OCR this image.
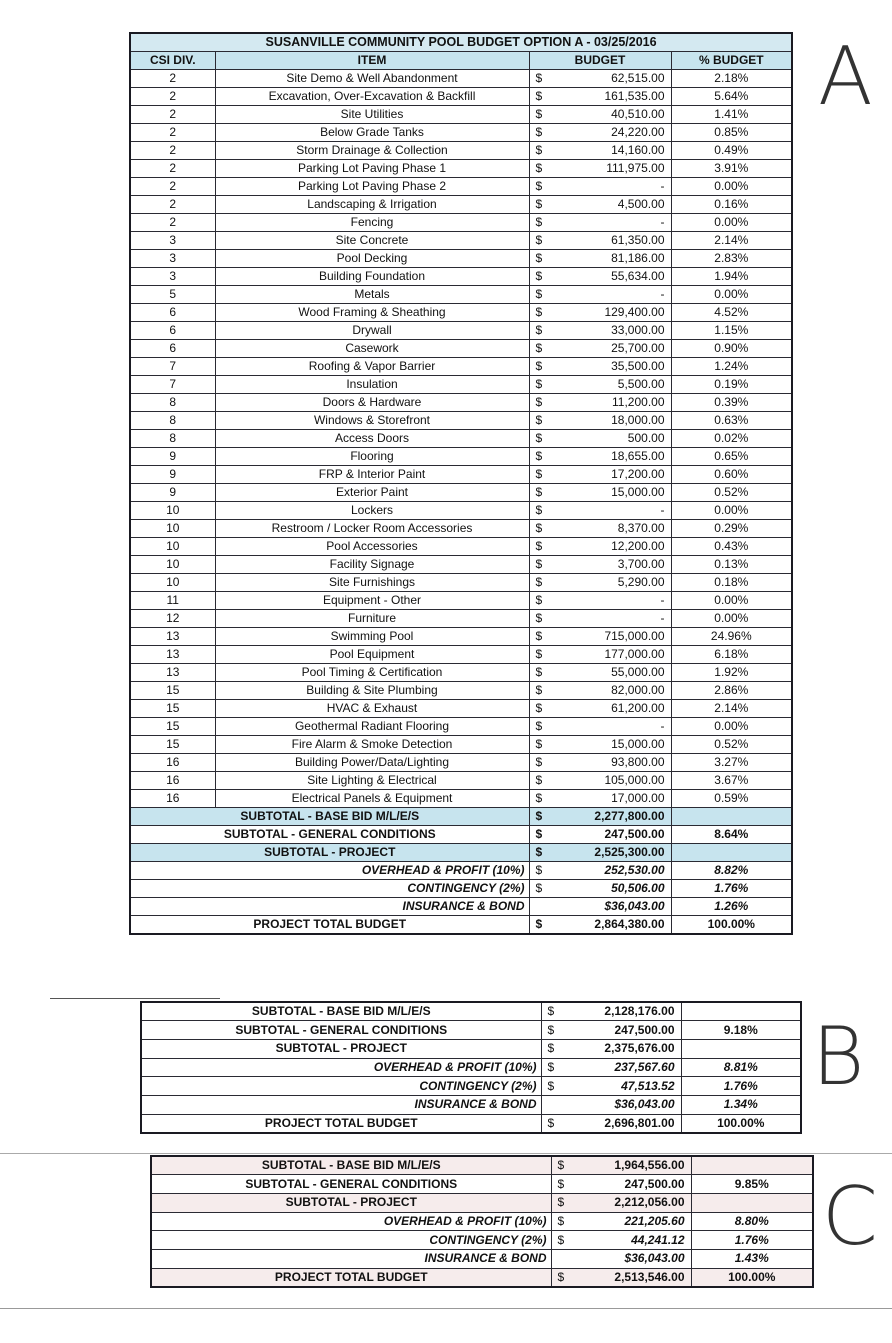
SUSANVILLE COMMUNITY POOL BUDGET OPTION A - 03/25/2016				
CSI DIV.	ITEM	BUDGET		% BUDGET
2	Site Demo & Well Abandonment	$	62,515.00	2.18%
2	Excavation, Over-Excavation & Backfill	$	161,535.00	5.64%
2	Site Utilities	$	40,510.00	1.41%
2	Below Grade Tanks	$	24,220.00	0.85%
2	Storm Drainage & Collection	$	14,160.00	0.49%
2	Parking Lot Paving Phase 1	$	111,975.00	3.91%
2	Parking Lot Paving Phase 2	$	-	0.00%
2	Landscaping & Irrigation	$	4,500.00	0.16%
2	Fencing	$	-	0.00%
3	Site Concrete	$	61,350.00	2.14%
3	Pool Decking	$	81,186.00	2.83%
3	Building Foundation	$	55,634.00	1.94%
5	Metals	$	-	0.00%
6	Wood Framing & Sheathing	$	129,400.00	4.52%
6	Drywall	$	33,000.00	1.15%
6	Casework	$	25,700.00	0.90%
7	Roofing & Vapor Barrier	$	35,500.00	1.24%
7	Insulation	$	5,500.00	0.19%
8	Doors & Hardware	$	11,200.00	0.39%
8	Windows & Storefront	$	18,000.00	0.63%
8	Access Doors	$	500.00	0.02%
9	Flooring	$	18,655.00	0.65%
9	FRP & Interior Paint	$	17,200.00	0.60%
9	Exterior Paint	$	15,000.00	0.52%
10	Lockers	$	-	0.00%
10	Restroom / Locker Room Accessories	$	8,370.00	0.29%
10	Pool Accessories	$	12,200.00	0.43%
10	Facility Signage	$	3,700.00	0.13%
10	Site Furnishings	$	5,290.00	0.18%
11	Equipment - Other	$	-	0.00%
12	Furniture	$	-	0.00%
13	Swimming Pool	$	715,000.00	24.96%
13	Pool Equipment	$	177,000.00	6.18%
13	Pool Timing & Certification	$	55,000.00	1.92%
15	Building & Site Plumbing	$	82,000.00	2.86%
15	HVAC & Exhaust	$	61,200.00	2.14%
15	Geothermal Radiant Flooring	$	-	0.00%
15	Fire Alarm & Smoke Detection	$	15,000.00	0.52%
16	Building Power/Data/Lighting	$	93,800.00	3.27%
16	Site Lighting & Electrical	$	105,000.00	3.67%
16	Electrical Panels & Equipment	$	17,000.00	0.59%
SUBTOTAL - BASE BID M/L/E/S		$	2,277,800.00	
SUBTOTAL - GENERAL CONDITIONS		$	247,500.00	8.64%
SUBTOTAL - PROJECT		$	2,525,300.00	
OVERHEAD & PROFIT (10%)		$	252,530.00	8.82%
CONTINGENCY (2%)		$	50,506.00	1.76%
INSURANCE & BOND			$36,043.00	1.26%
PROJECT TOTAL BUDGET		$	2,864,380.00	100.00%
A
SUBTOTAL - BASE BID M/L/E/S	$	2,128,176.00	
SUBTOTAL - GENERAL CONDITIONS	$	247,500.00	9.18%
SUBTOTAL - PROJECT	$	2,375,676.00	
OVERHEAD & PROFIT (10%)	$	237,567.60	8.81%
CONTINGENCY (2%)	$	47,513.52	1.76%
INSURANCE & BOND		$36,043.00	1.34%
PROJECT TOTAL BUDGET	$	2,696,801.00	100.00%
B
SUBTOTAL - BASE BID M/L/E/S	$	1,964,556.00	
SUBTOTAL - GENERAL CONDITIONS	$	247,500.00	9.85%
SUBTOTAL - PROJECT	$	2,212,056.00	
OVERHEAD & PROFIT (10%)	$	221,205.60	8.80%
CONTINGENCY (2%)	$	44,241.12	1.76%
INSURANCE & BOND		$36,043.00	1.43%
PROJECT TOTAL BUDGET	$	2,513,546.00	100.00%
C
